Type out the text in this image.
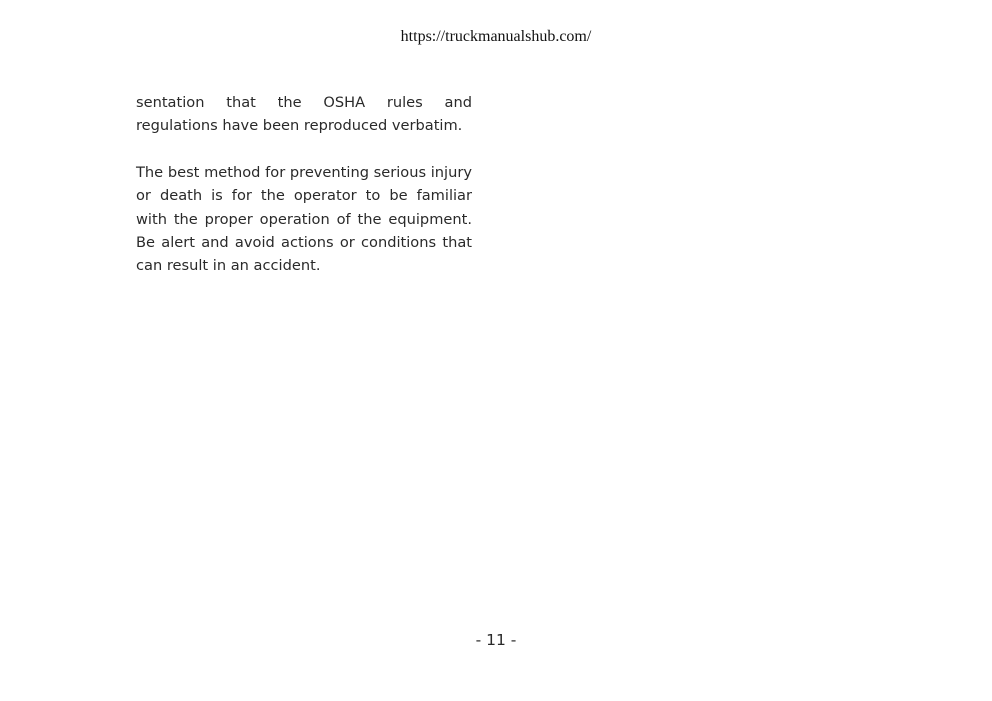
https://truckmanualshub.com/

sentation that the OSHA rules and regulations have been reproduced verbatim.

The best method for preventing serious injury or death is for the operator to be familiar with the proper operation of the equipment. Be alert and avoid actions or conditions that can result in an accident.

- 11 -
